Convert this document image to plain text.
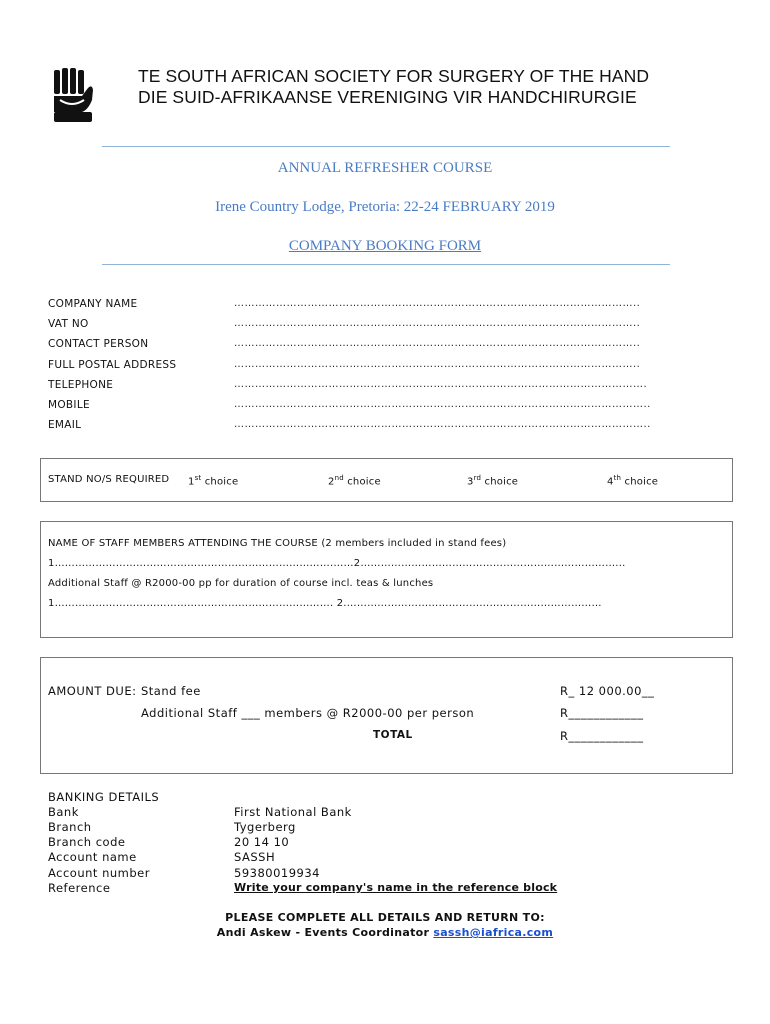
TE SOUTH AFRICAN SOCIETY FOR SURGERY OF THE HAND
DIE SUID-AFRIKAANSE VERENIGING VIR HANDCHIRURGIE
ANNUAL REFRESHER COURSE
Irene Country Lodge, Pretoria: 22-24 FEBRUARY 2019
COMPANY BOOKING FORM
COMPANY NAME	……………………………………………………………………………………………………..
VAT NO	……………………………………………………………………………………………………..
CONTACT PERSON	……………………………………………………………………………………………………..
FULL POSTAL ADDRESS	……………………………………………………………………………………………………..
TELEPHONE	……………………………………………………………………………………………………….
MOBILE	………………………………………………………………………………………………………..
EMAIL	………………………………………………………………………………………………………..
STAND NO/S REQUIRED 1st choice	2nd choice	3rd choice	4th choice
NAME OF STAFF MEMBERS ATTENDING THE COURSE (2 members included in stand fees)
1……………………………………………………………………….……2…………………………………………………………………...
Additional Staff @ R2000-00 pp for duration of course incl. teas & lunches
1………………………………………………………………………. 2.…………………………………………………………………
AMOUNT DUE: Stand fee	R_ 12 000.00__
Additional Staff ___ members @ R2000-00 per person	R____________
TOTAL	R____________
BANKING DETAILS
Bank	First National Bank
Branch	Tygerberg
Branch code	20 14 10
Account name	SASSH
Account number	59380019934
Reference	Write your company's name in the reference block
PLEASE COMPLETE ALL DETAILS AND RETURN TO:
Andi Askew - Events Coordinator sassh@iafrica.com
